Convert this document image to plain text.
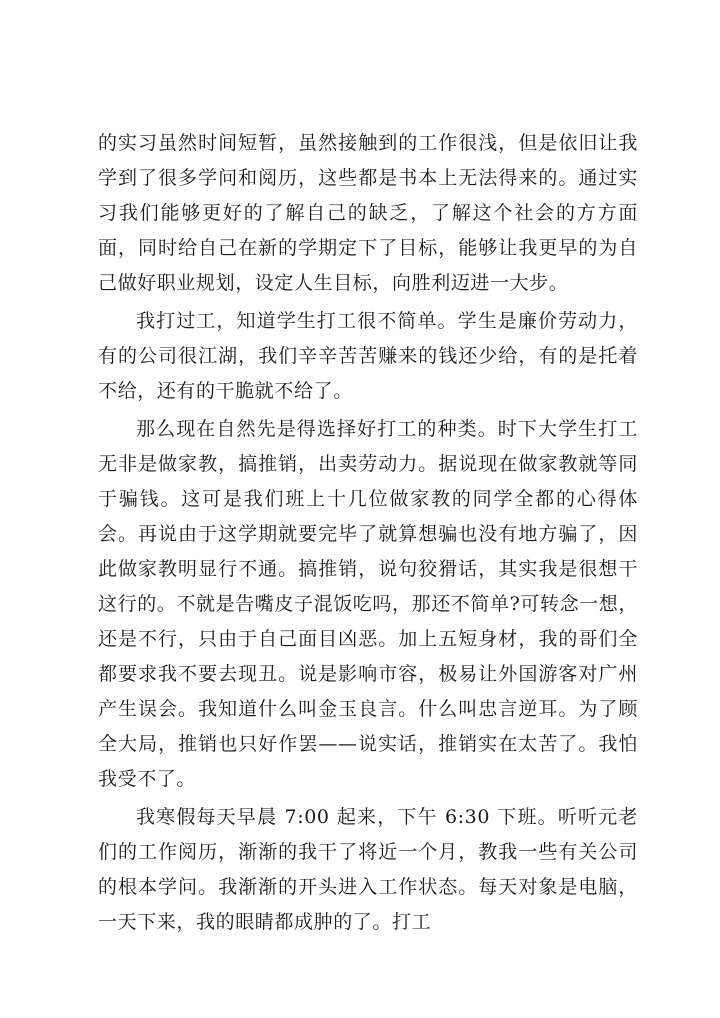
的实习虽然时间短暂，虽然接触到的工作很浅，但是依旧让我学到了很多学问和阅历，这些都是书本上无法得来的。通过实习我们能够更好的了解自己的缺乏，了解这个社会的方方面面，同时给自己在新的学期定下了目标，能够让我更早的为自己做好职业规划，设定人生目标，向胜利迈进一大步。

我打过工，知道学生打工很不简单。学生是廉价劳动力，有的公司很江湖，我们辛辛苦苦赚来的钱还少给，有的是托着不给，还有的干脆就不给了。

那么现在自然先是得选择好打工的种类。时下大学生打工无非是做家教，搞推销，出卖劳动力。据说现在做家教就等同于骗钱。这可是我们班上十几位做家教的同学全都的心得体会。再说由于这学期就要完毕了就算想骗也没有地方骗了，因此做家教明显行不通。搞推销，说句狡猾话，其实我是很想干这行的。不就是告嘴皮子混饭吃吗，那还不简单?可转念一想，还是不行，只由于自己面目凶恶。加上五短身材，我的哥们全都要求我不要去现丑。说是影响市容，极易让外国游客对广州产生误会。我知道什么叫金玉良言。什么叫忠言逆耳。为了顾全大局，推销也只好作罢——说实话，推销实在太苦了。我怕我受不了。

我寒假每天早晨 7:00 起来，下午 6:30 下班。听听元老们的工作阅历，渐渐的我干了将近一个月，教我一些有关公司的根本学问。我渐渐的开头进入工作状态。每天对象是电脑，一天下来，我的眼睛都成肿的了。打工
